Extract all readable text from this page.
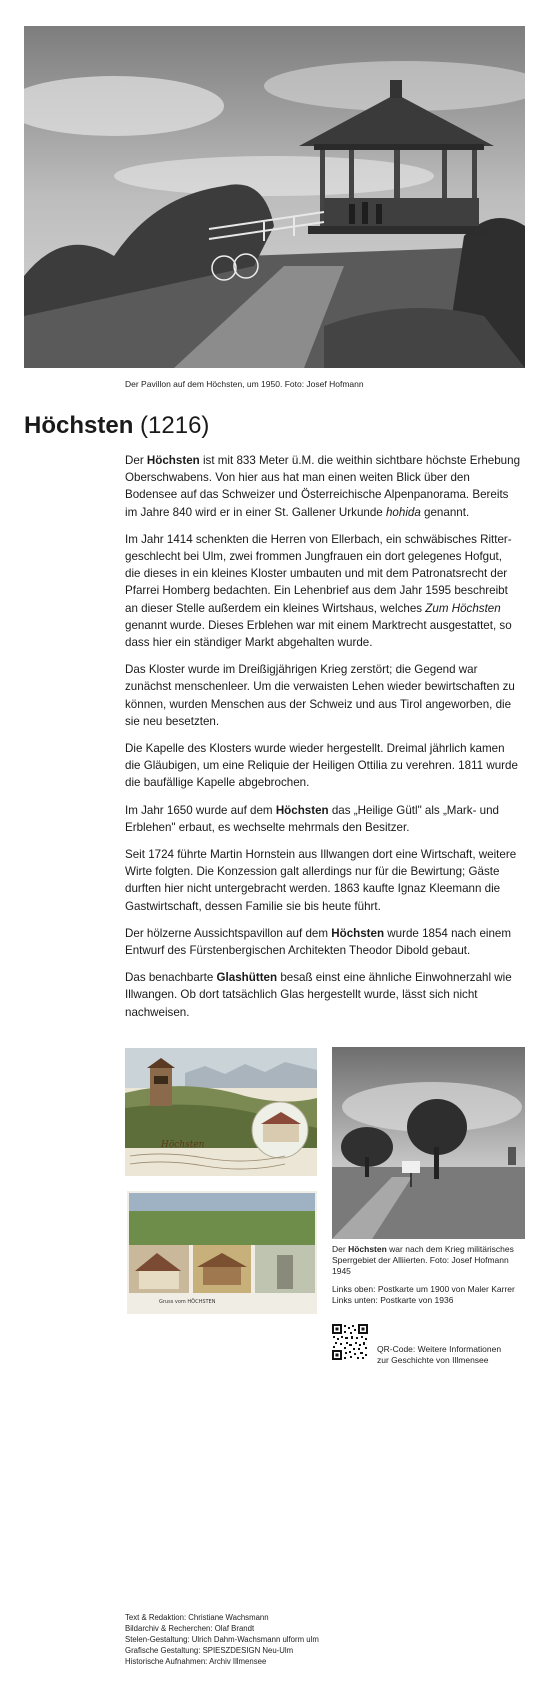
Der Pavillon auf dem Höchsten, um 1950. Foto: Josef Hofmann
Höchsten (1216)

Der Höchsten ist mit 833 Meter ü.M. die weithin sichtbare höchste Erhebung Oberschwabens. Von hier aus hat man einen weiten Blick über den Bodensee auf das Schweizer und Österreichische Alpenpanorama. Bereits im Jahre 840 wird er in einer St. Gallener Urkunde hohida genannt.

Im Jahr 1414 schenkten die Herren von Ellerbach, ein schwäbisches Ritter-geschlecht bei Ulm, zwei frommen Jungfrauen ein dort gelegenes Hofgut, die dieses in ein kleines Kloster umbauten und mit dem Patronatsrecht der Pfarrei Homberg bedachten. Ein Lehenbrief aus dem Jahr 1595 beschreibt an dieser Stelle außerdem ein kleines Wirtshaus, welches Zum Höchsten genannt wurde. Dieses Erblehen war mit einem Marktrecht ausgestattet, so dass hier ein ständiger Markt abgehalten wurde.

Das Kloster wurde im Dreißigjährigen Krieg zerstört; die Gegend war zunächst menschenleer. Um die verwaisten Lehen wieder bewirtschaften zu können, wurden Menschen aus der Schweiz und aus Tirol angeworben, die sie neu besetzten.

Die Kapelle des Klosters wurde wieder hergestellt. Dreimal jährlich kamen die Gläubigen, um eine Reliquie der Heiligen Ottilia zu verehren. 1811 wurde die baufällige Kapelle abgebrochen.

Im Jahr 1650 wurde auf dem Höchsten das „Heilige Gütl" als „Mark- und Erblehen" erbaut, es wechselte mehrmals den Besitzer.

Seit 1724 führte Martin Hornstein aus Illwangen dort eine Wirtschaft, weitere Wirte folgten. Die Konzession galt allerdings nur für die Bewirtung; Gäste durften hier nicht untergebracht werden. 1863 kaufte Ignaz Kleemann die Gastwirtschaft, dessen Familie sie bis heute führt.

Der hölzerne Aussichtspavillon auf dem Höchsten wurde 1854 nach einem Entwurf des Fürstenbergischen Architekten Theodor Dibold gebaut.

Das benachbarte Glashütten besaß einst eine ähnliche Einwohnerzahl wie Illwangen. Ob dort tatsächlich Glas hergestellt wurde, lässt sich nicht nachweisen.

Höchsten
Gruss vom HÖCHSTEN
Der Höchsten war nach dem Krieg militärisches Sperrgebiet der Alliierten. Foto: Josef Hofmann 1945
Links oben: Postkarte um 1900 von Maler Karrer
Links unten: Postkarte von 1936
QR-Code: Weitere Informationen zur Geschichte von Illmensee
Text & Redaktion: Christiane Wachsmann
Bildarchiv & Recherchen: Olaf Brandt
Stelen-Gestaltung: Ulrich Dahm-Wachsmann ulform ulm
Grafische Gestaltung: SPIESZDESIGN Neu-Ulm
Historische Aufnahmen: Archiv Illmensee
